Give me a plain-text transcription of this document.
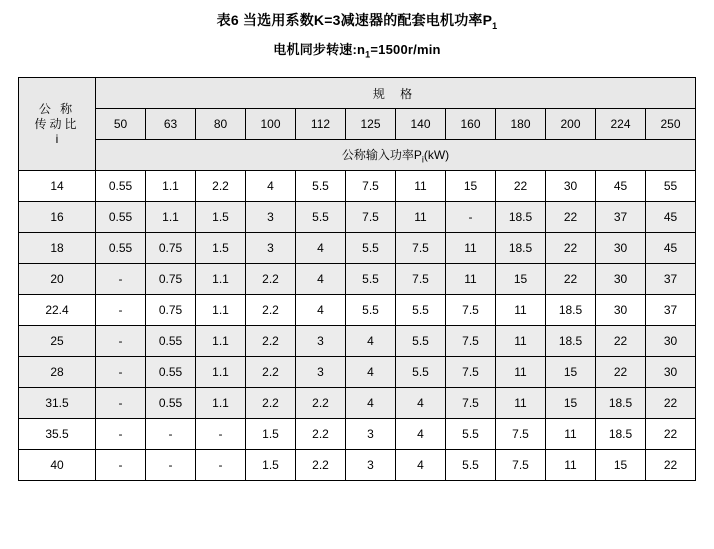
表6 当选用系数K=3减速器的配套电机功率$P_1$
电机同步转速$:n_1=1500r/\min$
公 称
传动比
i	规 格											
	50	63	80	100	112	125	140	160	180	200	224	250
	公称输入功率$P_i(kW)$											
14	0.55	1.1	2.2	4	5.5	7.5	11	15	22	30	45	55
16	0.55	1.1	1.5	3	5.5	7.5	11	-	18.5	22	37	45
18	0.55	0.75	1.5	3	4	5.5	7.5	11	18.5	22	30	45
20	-	0.75	1.1	2.2	4	5.5	7.5	11	15	22	30	37
22.4	-	0.75	1.1	2.2	4	5.5	5.5	7.5	11	18.5	30	37
25	-	0.55	1.1	2.2	3	4	5.5	7.5	11	18.5	22	30
28	-	0.55	1.1	2.2	3	4	5.5	7.5	11	15	22	30
31.5	-	0.55	1.1	2.2	2.2	4	4	7.5	11	15	18.5	22
35.5	-	-	-	1.5	2.2	3	4	5.5	7.5	11	18.5	22
40	-	-	-	1.5	2.2	3	4	5.5	7.5	11	15	22
